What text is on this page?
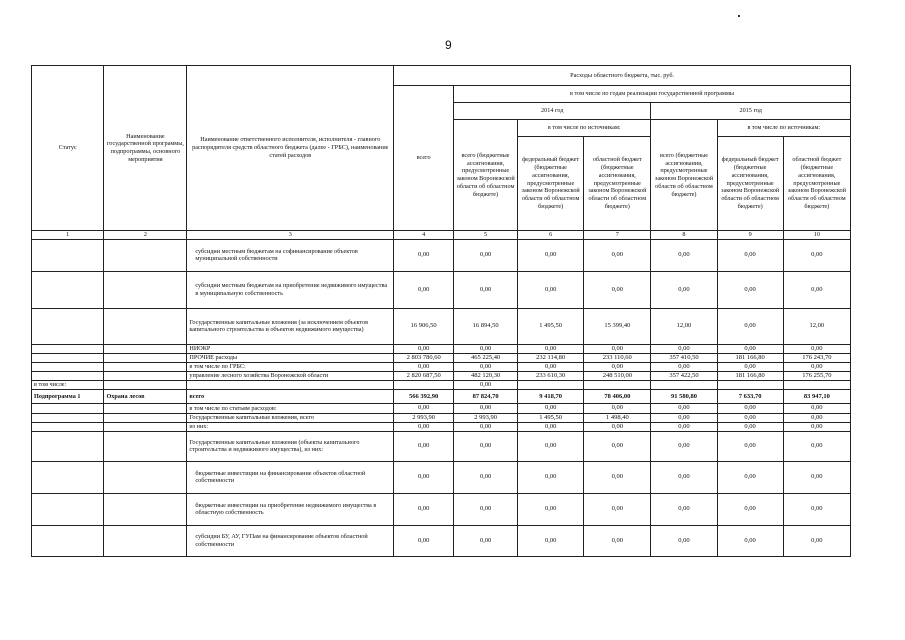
9
Статус	Наименование государственной программы, подпрограммы, основного мероприятия	Наименование ответственного исполнителя, исполнителя - главного распорядителя средств областного бюджета (далее - ГРБС), наименование статей расходов	Расходы областного бюджета, тыс. руб.						
			всего	в том числе по годам реализации государственной программы					
				2014 год			2015 год		
				всего (бюджетные ассигнования, предусмотренные законом Воронежской области об областном бюджете)	в том числе по источникам:		всего (бюджетные ассигнования, предусмотренные законом Воронежской области об областном бюджете)	в том числе по источникам:	
					федеральный бюджет (бюджетные ассигнования, предусмотренные законом Воронежской области об областном бюджете)	областной бюджет (бюджетные ассигнования, предусмотренные законом Воронежской области об областном бюджете)		федеральный бюджет (бюджетные ассигнования, предусмотренные законом Воронежской области об областном бюджете)	областной бюджет (бюджетные ассигнования, предусмотренные законом Воронежской области об областном бюджете)
1	2	3	4	5	6	7	8	9	10
		субсидии местным бюджетам на софинансирование объектов муниципальной собственности	0,00	0,00	0,00	0,00	0,00	0,00	0,00
		субсидии местным бюджетам на приобретение недвижимого имущества в муниципальную собственность	0,00	0,00	0,00	0,00	0,00	0,00	0,00
		Государственные капитальные вложения (за исключением объектов капитального строительства и объектов недвижимого имущества)	16 906,50	16 894,50	1 495,50	15 399,40	12,00	0,00	12,00
		НИОКР	0,00	0,00	0,00	0,00	0,00	0,00	0,00
		ПРОЧИЕ расходы	2 803 780,60	465 225,40	232 114,80	233 110,60	357 410,50	181 166,80	176 243,70
		в том числе по ГРБС:	0,00	0,00	0,00	0,00	0,00	0,00	0,00
		управление лесного хозяйства Воронежской области	2 820 687,50	482 120,30	233 610,30	248 510,00	357 422,50	181 166,80	176 255,70
в том числе:				0,00					
Подпрограмма 1	Охрана лесов	всего	566 392,90	87 824,70	9 418,70	78 406,00	91 580,80	7 633,70	83 947,10
		в том числе по статьям расходов:	0,00	0,00	0,00	0,00	0,00	0,00	0,00
		Государственные капитальные вложения, всего	2 993,90	2 993,90	1 495,50	1 498,40	0,00	0,00	0,00
		из них:	0,00	0,00	0,00	0,00	0,00	0,00	0,00
		Государственные капитальные вложения (объекты капитального строительства и недвижимого имущества), из них:	0,00	0,00	0,00	0,00	0,00	0,00	0,00
		бюджетные инвестиции на финансирование объектов областной собственности	0,00	0,00	0,00	0,00	0,00	0,00	0,00
		бюджетные инвестиции на приобретение недвижимого имущества в областную собственность	0,00	0,00	0,00	0,00	0,00	0,00	0,00
		субсидии БУ, АУ, ГУПам на финансирование объектов областной собственности	0,00	0,00	0,00	0,00	0,00	0,00	0,00
